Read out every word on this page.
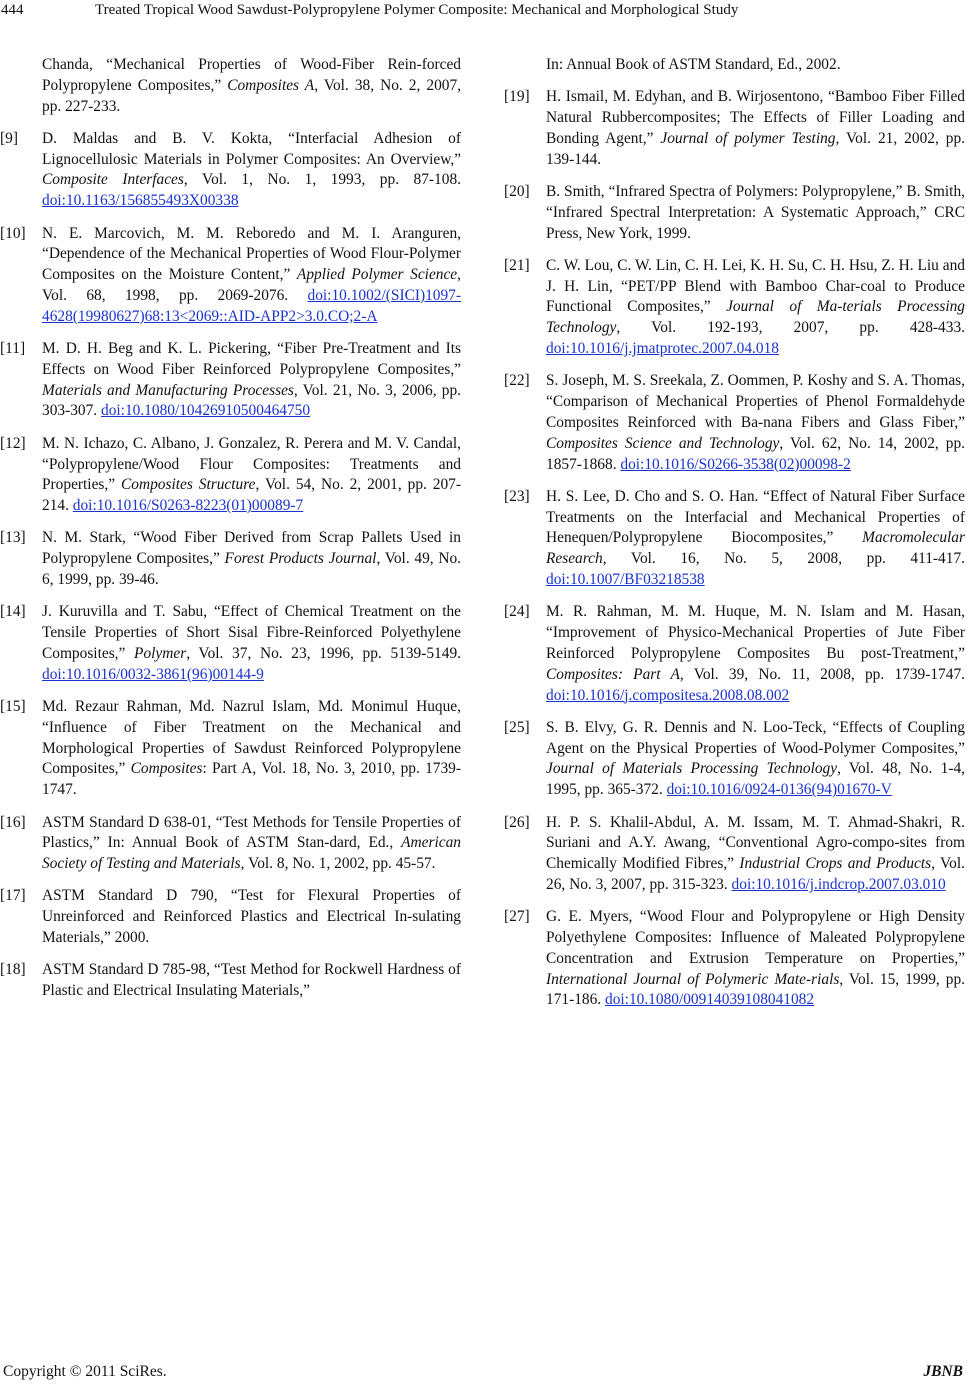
444	Treated Tropical Wood Sawdust-Polypropylene Polymer Composite: Mechanical and Morphological Study
Chanda, “Mechanical Properties of Wood-Fiber Rein-forced Polypropylene Composites,” Composites A, Vol. 38, No. 2, 2007, pp. 227-233.
[9] D. Maldas and B. V. Kokta, “Interfacial Adhesion of Lignocellulosic Materials in Polymer Composites: An Overview,” Composite Interfaces, Vol. 1, No. 1, 1993, pp. 87-108. doi:10.1163/156855493X00338
[10] N. E. Marcovich, M. M. Reboredo and M. I. Aranguren, “Dependence of the Mechanical Properties of Wood Flour-Polymer Composites on the Moisture Content,” Applied Polymer Science, Vol. 68, 1998, pp. 2069-2076. doi:10.1002/(SICI)1097-4628(19980627)68:13<2069::AID-APP2>3.0.CO;2-A
[11] M. D. H. Beg and K. L. Pickering, “Fiber Pre-Treatment and Its Effects on Wood Fiber Reinforced Polypropylene Composites,” Materials and Manufacturing Processes, Vol. 21, No. 3, 2006, pp. 303-307. doi:10.1080/10426910500464750
[12] M. N. Ichazo, C. Albano, J. Gonzalez, R. Perera and M. V. Candal, “Polypropylene/Wood Flour Composites: Treatments and Properties,” Composites Structure, Vol. 54, No. 2, 2001, pp. 207-214. doi:10.1016/S0263-8223(01)00089-7
[13] N. M. Stark, “Wood Fiber Derived from Scrap Pallets Used in Polypropylene Composites,” Forest Products Journal, Vol. 49, No. 6, 1999, pp. 39-46.
[14] J. Kuruvilla and T. Sabu, “Effect of Chemical Treatment on the Tensile Properties of Short Sisal Fibre-Reinforced Polyethylene Composites,” Polymer, Vol. 37, No. 23, 1996, pp. 5139-5149. doi:10.1016/0032-3861(96)00144-9
[15] Md. Rezaur Rahman, Md. Nazrul Islam, Md. Monimul Huque, “Influence of Fiber Treatment on the Mechanical and Morphological Properties of Sawdust Reinforced Polypropylene Composites,” Composites: Part A, Vol. 18, No. 3, 2010, pp. 1739-1747.
[16] ASTM Standard D 638-01, “Test Methods for Tensile Properties of Plastics,” In: Annual Book of ASTM Stan-dard, Ed., American Society of Testing and Materials, Vol. 8, No. 1, 2002, pp. 45-57.
[17] ASTM Standard D 790, “Test for Flexural Properties of Unreinforced and Reinforced Plastics and Electrical In-sulating Materials,” 2000.
[18] ASTM Standard D 785-98, “Test Method for Rockwell Hardness of Plastic and Electrical Insulating Materials,”
In: Annual Book of ASTM Standard, Ed., 2002.
[19] H. Ismail, M. Edyhan, and B. Wirjosentono, “Bamboo Fiber Filled Natural Rubbercomposites; The Effects of Filler Loading and Bonding Agent,” Journal of polymer Testing, Vol. 21, 2002, pp. 139-144.
[20] B. Smith, “Infrared Spectra of Polymers: Polypropylene,” B. Smith, “Infrared Spectral Interpretation: A Systematic Approach,” CRC Press, New York, 1999.
[21] C. W. Lou, C. W. Lin, C. H. Lei, K. H. Su, C. H. Hsu, Z. H. Liu and J. H. Lin, “PET/PP Blend with Bamboo Char-coal to Produce Functional Composites,” Journal of Ma-terials Processing Technology, Vol. 192-193, 2007, pp. 428-433. doi:10.1016/j.jmatprotec.2007.04.018
[22] S. Joseph, M. S. Sreekala, Z. Oommen, P. Koshy and S. A. Thomas, “Comparison of Mechanical Properties of Phenol Formaldehyde Composites Reinforced with Ba-nana Fibers and Glass Fiber,” Composites Science and Technology, Vol. 62, No. 14, 2002, pp. 1857-1868. doi:10.1016/S0266-3538(02)00098-2
[23] H. S. Lee, D. Cho and S. O. Han. “Effect of Natural Fiber Surface Treatments on the Interfacial and Mechanical Properties of Henequen/Polypropylene Biocomposites,” Macromolecular Research, Vol. 16, No. 5, 2008, pp. 411-417. doi:10.1007/BF03218538
[24] M. R. Rahman, M. M. Huque, M. N. Islam and M. Hasan, “Improvement of Physico-Mechanical Properties of Jute Fiber Reinforced Polypropylene Composites Bu post-Treatment,” Composites: Part A, Vol. 39, No. 11, 2008, pp. 1739-1747. doi:10.1016/j.compositesa.2008.08.002
[25] S. B. Elvy, G. R. Dennis and N. Loo-Teck, “Effects of Coupling Agent on the Physical Properties of Wood-Polymer Composites,” Journal of Materials Processing Technology, Vol. 48, No. 1-4, 1995, pp. 365-372. doi:10.1016/0924-0136(94)01670-V
[26] H. P. S. Khalil-Abdul, A. M. Issam, M. T. Ahmad-Shakri, R. Suriani and A.Y. Awang, “Conventional Agro-compo-sites from Chemically Modified Fibres,” Industrial Crops and Products, Vol. 26, No. 3, 2007, pp. 315-323. doi:10.1016/j.indcrop.2007.03.010
[27] G. E. Myers, “Wood Flour and Polypropylene or High Density Polyethylene Composites: Influence of Maleated Polypropylene Concentration and Extrusion Temperature on Properties,” International Journal of Polymeric Mate-rials, Vol. 15, 1999, pp. 171-186. doi:10.1080/00914039108041082
Copyright © 2011 SciRes.	JBNB
